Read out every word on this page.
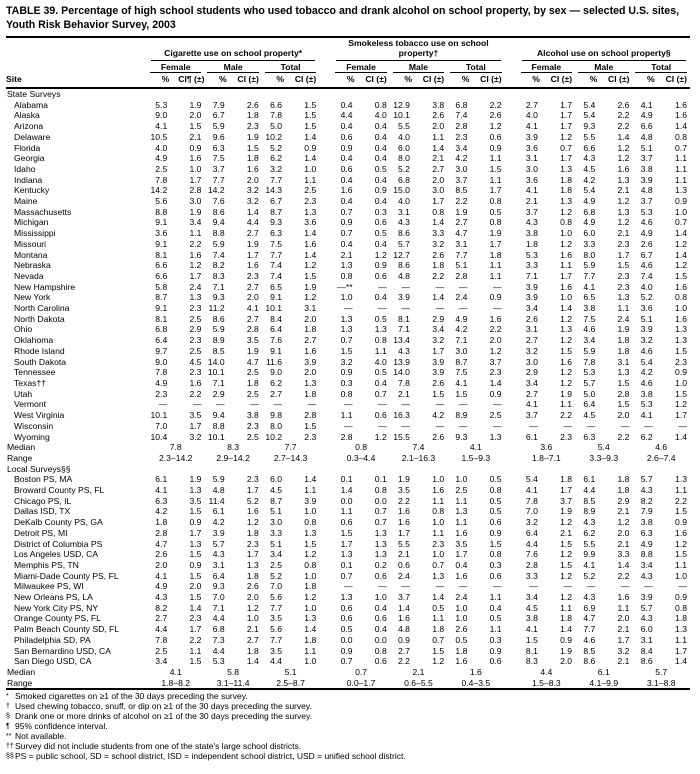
TABLE 39. Percentage of high school students who used tobacco and drank alcohol on school property, by sex — selected U.S. sites, Youth Risk Behavior Survey, 2003
	Cigarette use on school property*							Smokeless tobacco use on school property†							Alcohol use on school property§					
	Female		Male		Total			Female		Male		Total			Female		Male		Total	
Site	%	CI¶ (±)	%	CI (±)	%	CI (±)		%	CI (±)	%	CI (±)	%	CI (±)		%	CI (±)	%	CI (±)	%	CI (±)
State Surveys																				
Alabama	5.3	1.9	7.9	2.6	6.6	1.5		0.4	0.8	12.9	3.8	6.8	2.2		2.7	1.7	5.4	2.6	4.1	1.6
Alaska	9.0	2.0	6.7	1.8	7.8	1.5		4.4	4.0	10.1	2.6	7.4	2.6		4.0	1.7	5.4	2.2	4.9	1.6
Arizona	4.1	1.5	5.9	2.3	5.0	1.5		0.4	0.4	5.5	2.0	2.8	1.2		4.1	1.7	9.3	2.2	6.6	1.4
Delaware	10.5	2.1	9.6	1.9	10.2	1.4		0.6	0.4	4.0	1.1	2.3	0.6		3.9	1.2	5.5	1.4	4.8	0.8
Florida	4.0	0.9	6.3	1.5	5.2	0.9		0.9	0.4	6.0	1.4	3.4	0.9		3.6	0.7	6.6	1.2	5.1	0.7
Georgia	4.9	1.6	7.5	1.8	6.2	1.4		0.4	0.4	8.0	2.1	4.2	1.1		3.1	1.7	4.3	1.2	3.7	1.1
Idaho	2.5	1.0	3.7	1.6	3.2	1.0		0.6	0.5	5.2	2.7	3.0	1.5		3.0	1.3	4.5	1.6	3.8	1.1
Indiana	7.8	1.7	7.7	2.0	7.7	1.1		0.4	0.4	6.8	2.0	3.7	1.1		3.6	1.8	4.2	1.3	3.9	1.1
Kentucky	14.2	2.8	14.2	3.2	14.3	2.5		1.6	0.9	15.0	3.0	8.5	1.7		4.1	1.8	5.4	2.1	4.8	1.3
Maine	5.6	3.0	7.6	3.2	6.7	2.3		0.4	0.4	4.0	1.7	2.2	0.8		2.1	1.3	4.9	1.2	3.7	0.9
Massachusetts	8.8	1.9	8.6	1.4	8.7	1.3		0.7	0.3	3.1	0.8	1.9	0.5		3.7	1.2	6.8	1.3	5.3	1.0
Michigan	9.1	3.4	9.4	4.4	9.3	3.6		0.9	0.6	4.3	1.4	2.7	0.8		4.3	0.8	4.9	1.2	4.6	0.7
Mississippi	3.6	1.1	8.8	2.7	6.3	1.4		0.7	0.5	8.6	3.3	4.7	1.9		3.8	1.0	6.0	2.1	4.9	1.4
Missouri	9.1	2.2	5.9	1.9	7.5	1.6		0.4	0.4	5.7	3.2	3.1	1.7		1.8	1.2	3.3	2.3	2.6	1.2
Montana	8.1	1.6	7.4	1.7	7.7	1.4		2.1	1.2	12.7	2.6	7.7	1.8		5.3	1.6	8.0	1.7	6.7	1.4
Nebraska	6.6	1.2	8.2	1.6	7.4	1.2		1.3	0.9	8.6	1.8	5.1	1.1		3.3	1.1	5.9	1.5	4.6	1.2
Nevada	6.6	1.7	8.3	2.3	7.4	1.5		0.8	0.6	4.8	2.2	2.8	1.1		7.1	1.7	7.7	2.3	7.4	1.5
New Hampshire	5.8	2.4	7.1	2.7	6.5	1.9		—**	—	—	—	—	—		3.9	1.6	4.1	2.3	4.0	1.6
New York	8.7	1.3	9.3	2.0	9.1	1.2		1.0	0.4	3.9	1.4	2.4	0.9		3.9	1.0	6.5	1.3	5.2	0.8
North Carolina	9.1	2.3	11.2	4.1	10.1	3.1		—	—	—	—	—	—		3.4	1.4	3.8	1.1	3.6	1.0
North Dakota	8.1	2.5	8.6	2.7	8.4	2.0		1.3	0.5	8.1	2.9	4.9	1.6		2.6	1.2	7.5	2.4	5.1	1.6
Ohio	6.8	2.9	5.9	2.8	6.4	1.8		1.3	1.3	7.1	3.4	4.2	2.2		3.1	1.3	4.6	1.9	3.9	1.3
Oklahoma	6.4	2.3	8.9	3.5	7.6	2.7		0.7	0.8	13.4	3.2	7.1	2.0		2.7	1.2	3.4	1.8	3.2	1.3
Rhode Island	9.7	2.5	8.5	1.9	9.1	1.6		1.5	1.1	4.3	1.7	3.0	1.2		3.2	1.5	5.9	1.8	4.6	1.5
South Dakota	9.0	4.5	14.0	4.7	11.6	3.9		3.2	4.0	13.9	3.9	8.7	3.7		3.0	1.6	7.8	3.1	5.4	2.3
Tennessee	7.8	2.3	10.1	2.5	9.0	2.0		0.9	0.5	14.0	3.9	7.5	2.3		2.9	1.2	5.3	1.3	4.2	0.9
Texas††	4.9	1.6	7.1	1.8	6.2	1.3		0.3	0.4	7.8	2.6	4.1	1.4		3.4	1.2	5.7	1.5	4.6	1.0
Utah	2.3	2.2	2.9	2.5	2.7	1.8		0.8	0.7	2.1	1.5	1.5	0.9		2.7	1.9	5.0	2.8	3.8	1.5
Vermont	—	—	—	—	—	—		—	—	—	—	—	—		4.1	1.1	6.4	1.5	5.3	1.2
West Virginia	10.1	3.5	9.4	3.8	9.8	2.8		1.1	0.6	16.3	4.2	8.9	2.5		3.7	2.2	4.5	2.0	4.1	1.7
Wisconsin	7.0	1.7	8.8	2.3	8.0	1.5		—	—	—	—	—	—		—	—	—	—	—	—
Wyoming	10.4	3.2	10.1	2.5	10.2	2.3		2.8	1.2	15.5	2.6	9.3	1.3		6.1	2.3	6.3	2.2	6.2	1.4
Median	7.8		8.3		7.7			0.8		7.4		4.1			3.6		5.4		4.6	
Range	2.3–14.2		2.9–14.2		2.7–14.3			0.3–4.4		2.1–16.3		1.5–9.3			1.8–7.1		3.3–9.3		2.6–7.4	
Local Surveys§§																				
Boston PS, MA	6.1	1.9	5.9	2.3	6.0	1.4		0.1	0.1	1.9	1.0	1.0	0.5		5.4	1.8	6.1	1.8	5.7	1.3
Broward County PS, FL	4.1	1.3	4.8	1.7	4.5	1.1		1.4	0.8	3.5	1.6	2.5	0.8		4.1	1.7	4.4	1.8	4.3	1.1
Chicago PS, IL	6.3	3.5	11.4	5.2	8.7	3.9		0.0	0.0	2.2	1.1	1.1	0.5		7.8	3.7	8.5	2.9	8.2	2.2
Dallas ISD, TX	4.2	1.5	6.1	1.6	5.1	1.0		1.1	0.7	1.6	0.8	1.3	0.5		7.0	1.9	8.9	2.1	7.9	1.5
DeKalb County PS, GA	1.8	0.9	4.2	1.2	3.0	0.8		0.6	0.7	1.6	1.0	1.1	0.6		3.2	1.2	4.3	1.2	3.8	0.9
Detroit PS, MI	2.8	1.7	3.9	1.8	3.3	1.3		1.5	1.3	1.7	1.1	1.6	0.9		6.4	2.1	6.2	2.0	6.3	1.6
District of Columbia PS	4.7	1.3	5.7	2.3	5.1	1.5		1.7	1.3	5.5	2.3	3.5	1.5		4.4	1.5	5.5	2.1	4.9	1.2
Los Angeles USD, CA	2.6	1.5	4.3	1.7	3.4	1.2		1.3	1.3	2.1	1.0	1.7	0.8		7.6	1.2	9.9	3.3	8.8	1.5
Memphis PS, TN	2.0	0.9	3.1	1.3	2.5	0.8		0.1	0.2	0.6	0.7	0.4	0.3		2.8	1.5	4.1	1.4	3.4	1.1
Miami-Dade County PS, FL	4.1	1.5	6.4	1.8	5.2	1.0		0.7	0.6	2.4	1.3	1.6	0.6		3.3	1.2	5.2	2.2	4.3	1.0
Milwaukee PS, WI	4.9	2.0	9.3	2.6	7.0	1.8		—	—	—	—	—	—		—	—	—	—	—	—
New Orleans PS, LA	4.3	1.5	7.0	2.0	5.6	1.2		1.3	1.0	3.7	1.4	2.4	1.1		3.4	1.2	4.3	1.6	3.9	0.9
New York City PS, NY	8.2	1.4	7.1	1.2	7.7	1.0		0.6	0.4	1.4	0.5	1.0	0.4		4.5	1.1	6.9	1.1	5.7	0.8
Orange County PS, FL	2.7	2.3	4.4	1.0	3.5	1.3		0.6	0.6	1.6	1.1	1.0	0.5		3.8	1.8	4.7	2.0	4.3	1.8
Palm Beach County SD, FL	4.4	1.7	6.8	2.1	5.6	1.4		0.5	0.4	4.8	1.8	2.6	1.1		4.1	1.4	7.7	2.1	6.0	1.3
Philadelphia SD, PA	7.8	2.2	7.3	2.7	7.7	1.8		0.0	0.0	0.9	0.7	0.5	0.3		1.5	0.9	4.6	1.7	3.1	1.1
San Bernardino USD, CA	2.5	1.1	4.4	1.8	3.5	1.1		0.9	0.8	2.7	1.5	1.8	0.9		8.1	1.9	8.5	3.2	8.4	1.7
San Diego USD, CA	3.4	1.5	5.3	1.4	4.4	1.0		0.7	0.6	2.2	1.2	1.6	0.6		8.3	2.0	8.6	2.1	8.6	1.4
Median	4.1		5.8		5.1			0.7		2.1		1.6			4.4		6.1		5.7	
Range	1.8–8.2		3.1–11.4		2.5–8.7			0.0–1.7		0.6–5.5		0.4–3.5			1.5–8.3		4.1–9.9		3.1–8.8	
* Smoked cigarettes on ≥1 of the 30 days preceding the survey.
† Used chewing tobacco, snuff, or dip on ≥1 of the 30 days preceding the survey.
§ Drank one or more drinks of alcohol on ≥1 of the 30 days preceding the survey.
¶ 95% confidence interval.
** Not available.
††Survey did not include students from one of the state's large school districts.
§§PS = public school, SD = school district, ISD = independent school district, USD = unified school district.
